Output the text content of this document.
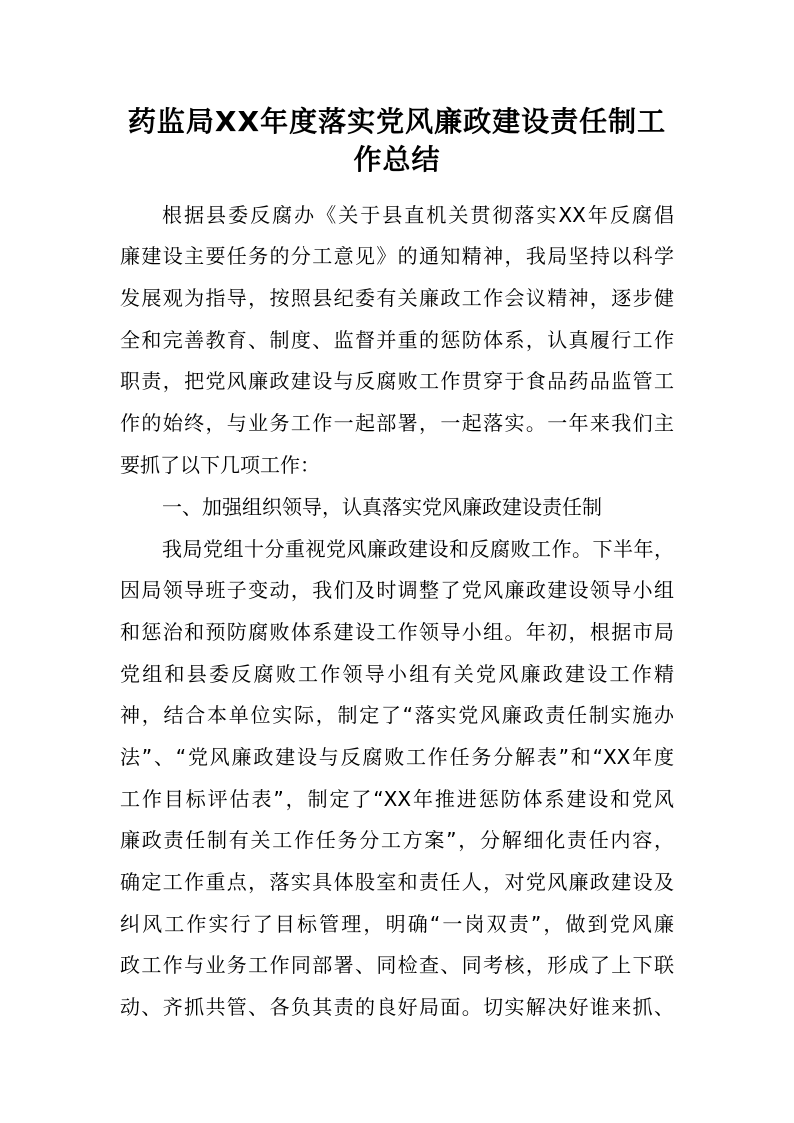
药监局XX年度落实党风廉政建设责任制工
作总结
根据县委反腐办《关于县直机关贯彻落实XX年反腐倡
廉建设主要任务的分工意见》的通知精神，我局坚持以科学
发展观为指导，按照县纪委有关廉政工作会议精神，逐步健
全和完善教育、制度、监督并重的惩防体系，认真履行工作
职责，把党风廉政建设与反腐败工作贯穿于食品药品监管工
作的始终，与业务工作一起部署，一起落实。一年来我们主
要抓了以下几项工作：
一、加强组织领导，认真落实党风廉政建设责任制
我局党组十分重视党风廉政建设和反腐败工作。下半年，
因局领导班子变动，我们及时调整了党风廉政建设领导小组
和惩治和预防腐败体系建设工作领导小组。年初，根据市局
党组和县委反腐败工作领导小组有关党风廉政建设工作精
神，结合本单位实际，制定了“落实党风廉政责任制实施办
法”、“党风廉政建设与反腐败工作任务分解表”和“XX年度
工作目标评估表”，制定了“XX年推进惩防体系建设和党风
廉政责任制有关工作任务分工方案”，分解细化责任内容，
确定工作重点，落实具体股室和责任人，对党风廉政建设及
纠风工作实行了目标管理，明确“一岗双责”，做到党风廉
政工作与业务工作同部署、同检查、同考核，形成了上下联
动、齐抓共管、各负其责的良好局面。切实解决好谁来抓、
